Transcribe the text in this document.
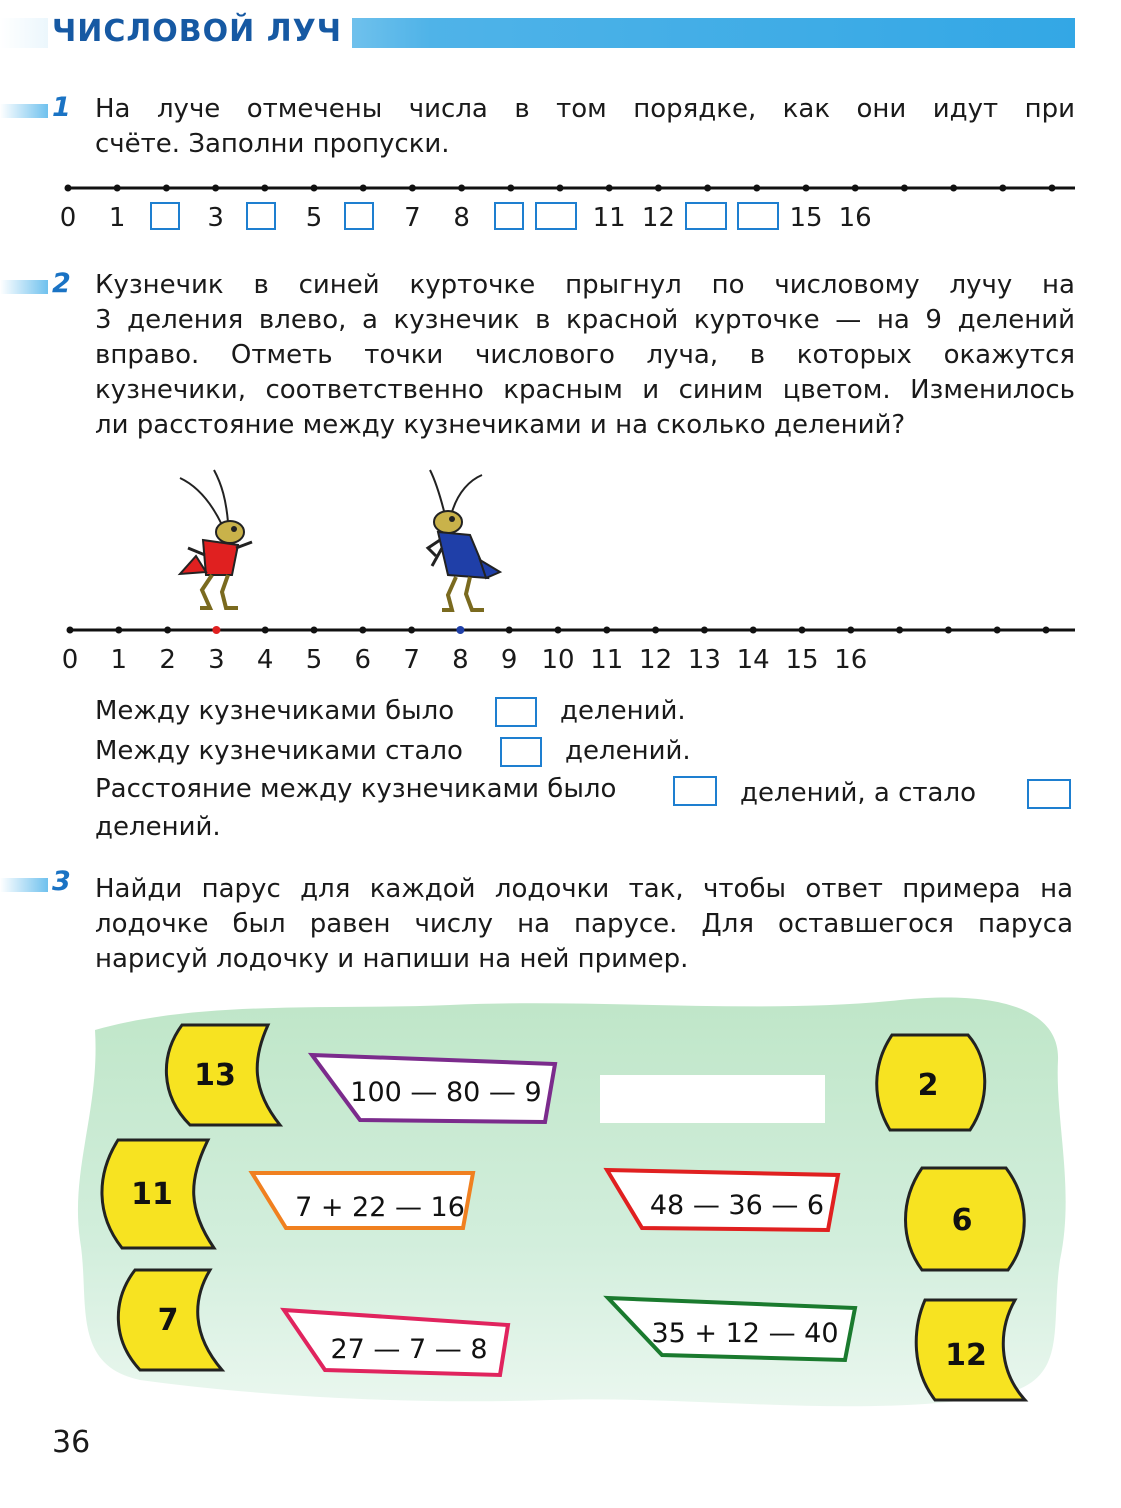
ЧИСЛОВОЙ ЛУЧ
1 На луче отмечены числа в том порядке, как они идут при
счёте. Заполни пропуски.
0 1	3	5	7 8	11 12	15 16
2 Кузнечик в синей курточке прыгнул по числовому лучу на
3 деления влево, а кузнечик в красной курточке — на 9 делений
вправо. Отметь точки числового луча, в которых окажутся
кузнечики, соответственно красным и синим цветом. Изменилось
ли расстояние между кузнечиками и на сколько делений?
0 1 2 3 4 5 6 7 8 9 10 11 12 13 14 15 16
Между кузнечиками было	делений.
Между кузнечиками стало	делений.
Расстояние между кузнечиками было	делений, а стало
делений.
3 Найди парус для каждой лодочки так, чтобы ответ примера на
лодочке был равен числу на парусе. Для оставшегося паруса
нарисуй лодочку и напиши на ней пример.
13
11
7
2
6
12
100 — 80 — 9
7 + 22 — 16
27 — 7 — 8
48 — 36 — 6
35 + 12 — 40
36
